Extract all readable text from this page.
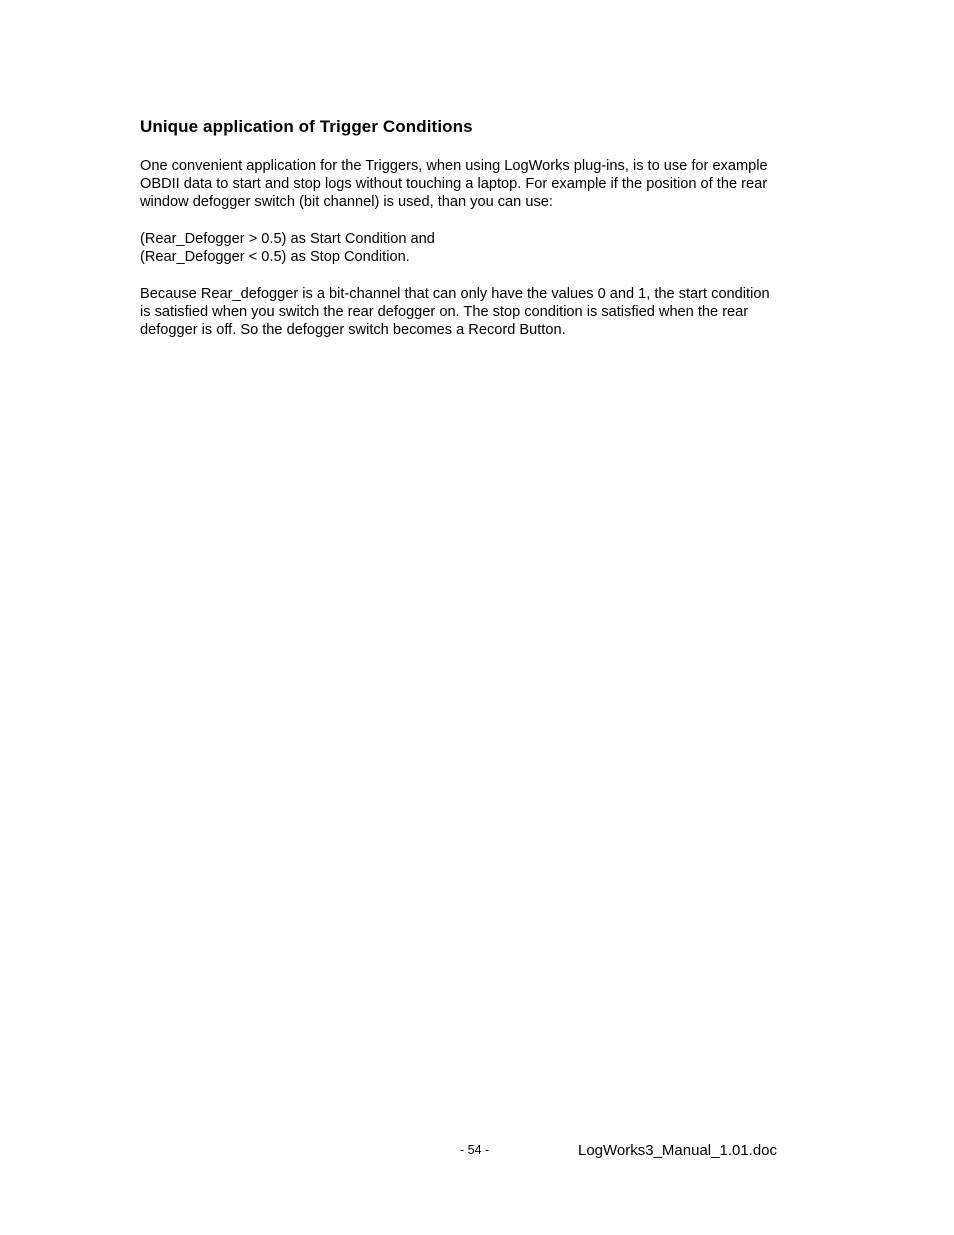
Unique application of Trigger Conditions

One convenient application for the Triggers, when using LogWorks plug-ins, is to use for example
OBDII data to start and stop logs without touching a laptop. For example if the position of the rear
window defogger switch (bit channel) is used, than you can use:

(Rear_Defogger > 0.5) as Start Condition and
(Rear_Defogger < 0.5) as Stop Condition.

Because Rear_defogger is a bit-channel that can only have the values 0 and 1, the start condition
is satisfied when you switch the rear defogger on. The stop condition is satisfied when the rear
defogger is off. So the defogger switch becomes a Record Button.

- 54 -	LogWorks3_Manual_1.01.doc
